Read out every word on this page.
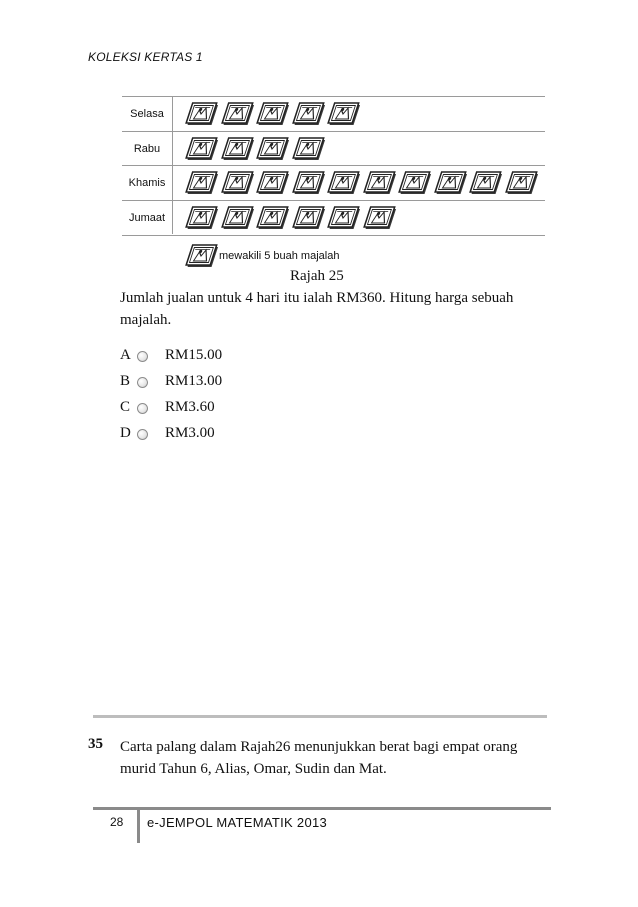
KOLEKSI KERTAS 1
Selasa
Rabu
Khamis
Jumaat
mewakili 5 buah majalah
Rajah 25
Jumlah jualan untuk 4 hari itu ialah RM360. Hitung harga sebuah majalah.
A RM15.00
B RM13.00
C RM3.60
D RM3.00
35 Carta palang dalam Rajah26 menunjukkan berat bagi empat orang murid Tahun 6, Alias, Omar, Sudin dan Mat.
28 e-JEMPOL MATEMATIK 2013
